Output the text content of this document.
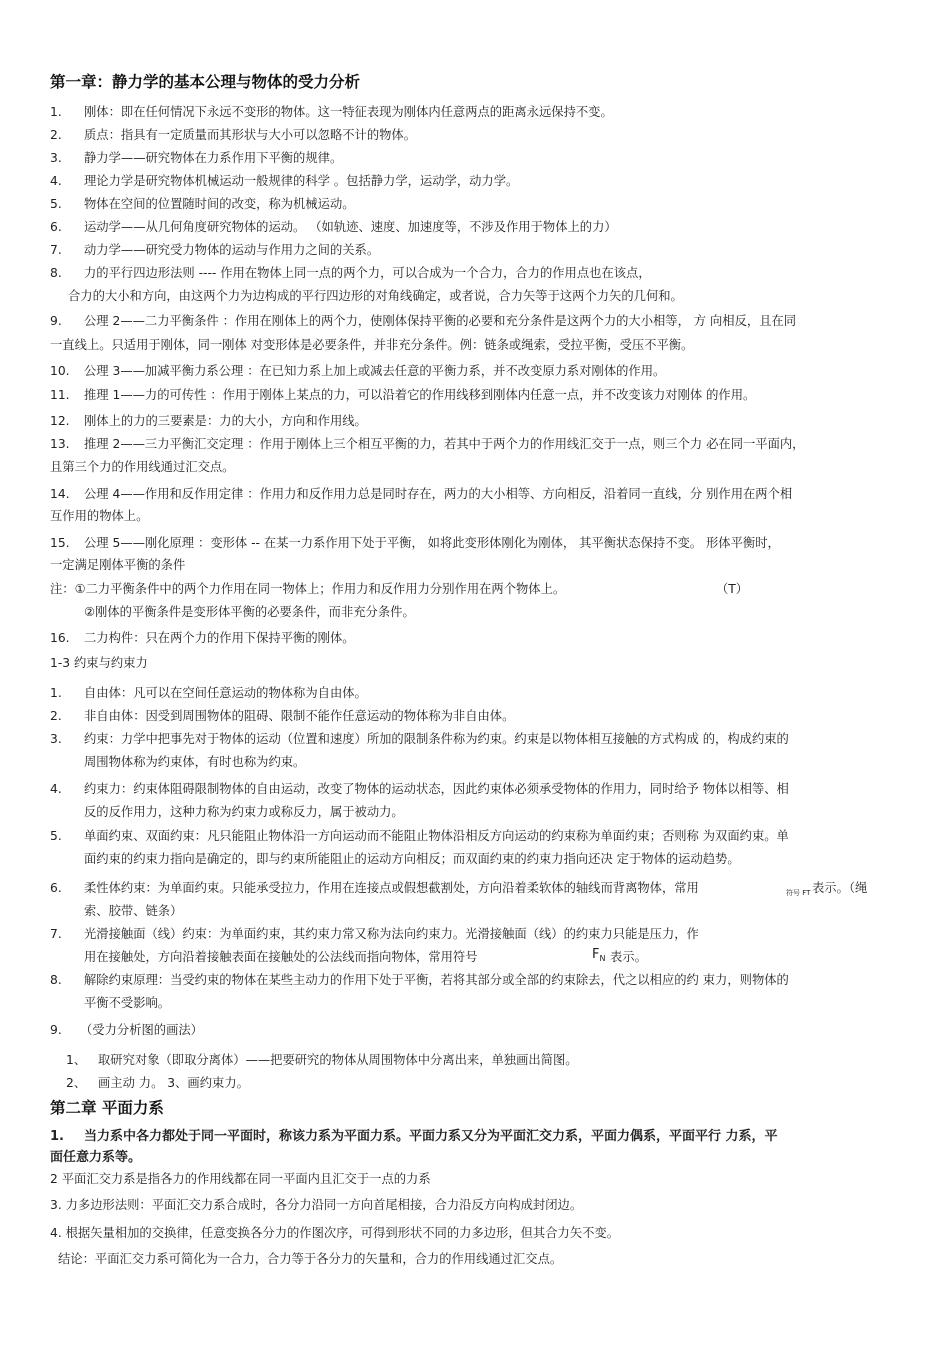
第一章：静力学的基本公理与物体的受力分析
1. 刚体：即在任何情况下永远不变形的物体。这一特征表现为刚体内任意两点的距离永远保持不变。
2. 质点：指具有一定质量而其形状与大小可以忽略不计的物体。
3. 静力学——研究物体在力系作用下平衡的规律。
4. 理论力学是研究物体机械运动一般规律的科学 。包括静力学，运动学，动力学。
5. 物体在空间的位置随时间的改变，称为机械运动。
6. 运动学——从几何角度研究物体的运动。 （如轨迹、速度、加速度等，不涉及作用于物体上的力）
7. 动力学——研究受力物体的运动与作用力之间的关系。
8. 力的平行四边形法则 ---- 作用在物体上同一点的两个力，可以合成为一个合力，合力的作用点也在该点，
合力的大小和方向，由这两个力为边构成的平行四边形的对角线确定，或者说，合力矢等于这两个力矢的几何和。
9. 公理 2——二力平衡条件 ：作用在刚体上的两个力，使刚体保持平衡的必要和充分条件是这两个力的大小相等， 方 向相反，且在同
一直线上。只适用于刚体，同一刚体 对变形体是必要条件，并非充分条件。例：链条或绳索，受拉平衡，受压不平衡。
10. 公理 3——加减平衡力系公理 ：在已知力系上加上或减去任意的平衡力系，并不改变原力系对刚体的作用。
11. 推理 1——力的可传性 ：作用于刚体上某点的力，可以沿着它的作用线移到刚体内任意一点，并不改变该力对刚体 的作用。
12. 刚体上的力的三要素是：力的大小，方向和作用线。
13. 推理 2——三力平衡汇交定理 ：作用于刚体上三个相互平衡的力，若其中于两个力的作用线汇交于一点，则三个力 必在同一平面内，
且第三个力的作用线通过汇交点。
14. 公理 4——作用和反作用定律 ：作用力和反作用力总是同时存在，两力的大小相等、方向相反，沿着同一直线，分 别作用在两个相
互作用的物体上。
15. 公理 5——刚化原理 ：变形体 -- 在某一力系作用下处于平衡， 如将此变形体刚化为刚体， 其平衡状态保持不变。 形体平衡时，
一定满足刚体平衡的条件
注：①二力平衡条件中的两个力作用在同一物体上；作用力和反作用力分别作用在两个物体上。	（T）
②刚体的平衡条件是变形体平衡的必要条件，而非充分条件。
16. 二力构件：只在两个力的作用下保持平衡的刚体。
1-3 约束与约束力
1. 自由体：凡可以在空间任意运动的物体称为自由体。
2. 非自由体：因受到周围物体的阻碍、限制不能作任意运动的物体称为非自由体。
3. 约束：力学中把事先对于物体的运动（位置和速度）所加的限制条件称为约束。约束是以物体相互接触的方式构成 的，构成约束的
周围物体称为约束体，有时也称为约束。
4. 约束力：约束体阻碍限制物体的自由运动，改变了物体的运动状态，因此约束体必须承受物体的作用力，同时给予 物体以相等、相
反的反作用力，这种力称为约束力或称反力，属于被动力。
5. 单面约束、双面约束：凡只能阻止物体沿一方向运动而不能阻止物体沿相反方向运动的约束称为单面约束；否则称 为双面约束。单
面约束的约束力指向是确定的，即与约束所能阻止的运动方向相反；而双面约束的约束力指向还决 定于物体的运动趋势。
6. 柔性体约束：为单面约束。只能承受拉力，作用在连接点或假想截割处，方向沿着柔软体的轴线而背离物体，常用	符号 FT 表示。（绳
索、胶带、链条）
7. 光滑接触面（线）约束：为单面约束，其约束力常又称为法向约束力。光滑接触面（线）的约束力只能是压力，作
用在接触处，方向沿着接触表面在接触处的公法线而指向物体，常用符号	$F_N$ 表示。
8. 解除约束原理：当受约束的物体在某些主动力的作用下处于平衡，若将其部分或全部的约束除去，代之以相应的约 束力，则物体的
平衡不受影响。
9. （受力分析图的画法）
1、 取研究对象（即取分离体）——把要研究的物体从周围物体中分离出来，单独画出简图。
2、 画主动 力。 3、画约束力。
第二章 平面力系
1. 当力系中各力都处于同一平面时，称该力系为平面力系。平面力系又分为平面汇交力系，平面力偶系，平面平行 力系，平
面任意力系等。
2 平面汇交力系是指各力的作用线都在同一平面内且汇交于一点的力系
3. 力多边形法则：平面汇交力系合成时，各分力沿同一方向首尾相接，合力沿反方向构成封闭边。
4. 根据矢量相加的交换律，任意变换各分力的作图次序，可得到形状不同的力多边形，但其合力矢不变。
结论：平面汇交力系可简化为一合力，合力等于各分力的矢量和，合力的作用线通过汇交点。
